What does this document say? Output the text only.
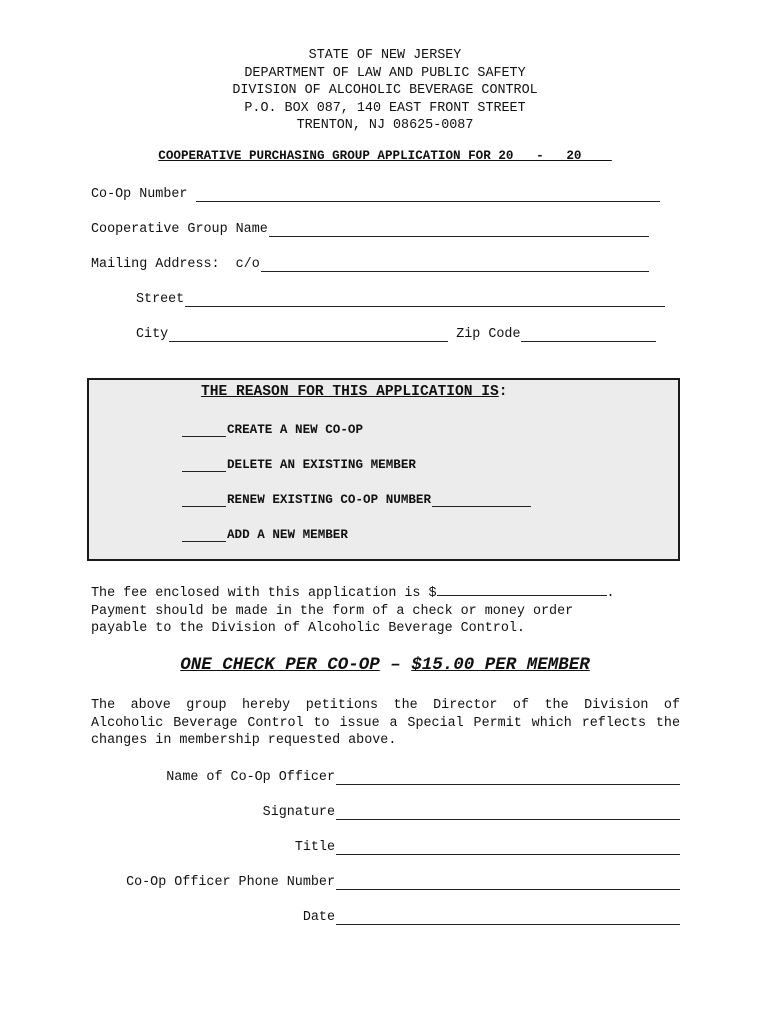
STATE OF NEW JERSEY
DEPARTMENT OF LAW AND PUBLIC SAFETY
DIVISION OF ALCOHOLIC BEVERAGE CONTROL
P.O. BOX 087, 140 EAST FRONT STREET
TRENTON, NJ 08625-0087
COOPERATIVE PURCHASING GROUP APPLICATION FOR 20   -   20____
Co-Op Number
Cooperative Group Name
Mailing Address:  c/o
Street
City	Zip Code
THE REASON FOR THIS APPLICATION IS:
CREATE A NEW CO-OP
DELETE AN EXISTING MEMBER
RENEW EXISTING CO-OP NUMBER
ADD A NEW MEMBER
The fee enclosed with this application is $	.
Payment should be made in the form of a check or money order
payable to the Division of Alcoholic Beverage Control.
ONE CHECK PER CO-OP – $15.00 PER MEMBER
The above group hereby petitions the Director of the Division of Alcoholic Beverage Control to issue a Special Permit which reflects the changes in membership requested above.
Name of Co-Op Officer
Signature
Title
Co-Op Officer Phone Number
Date
